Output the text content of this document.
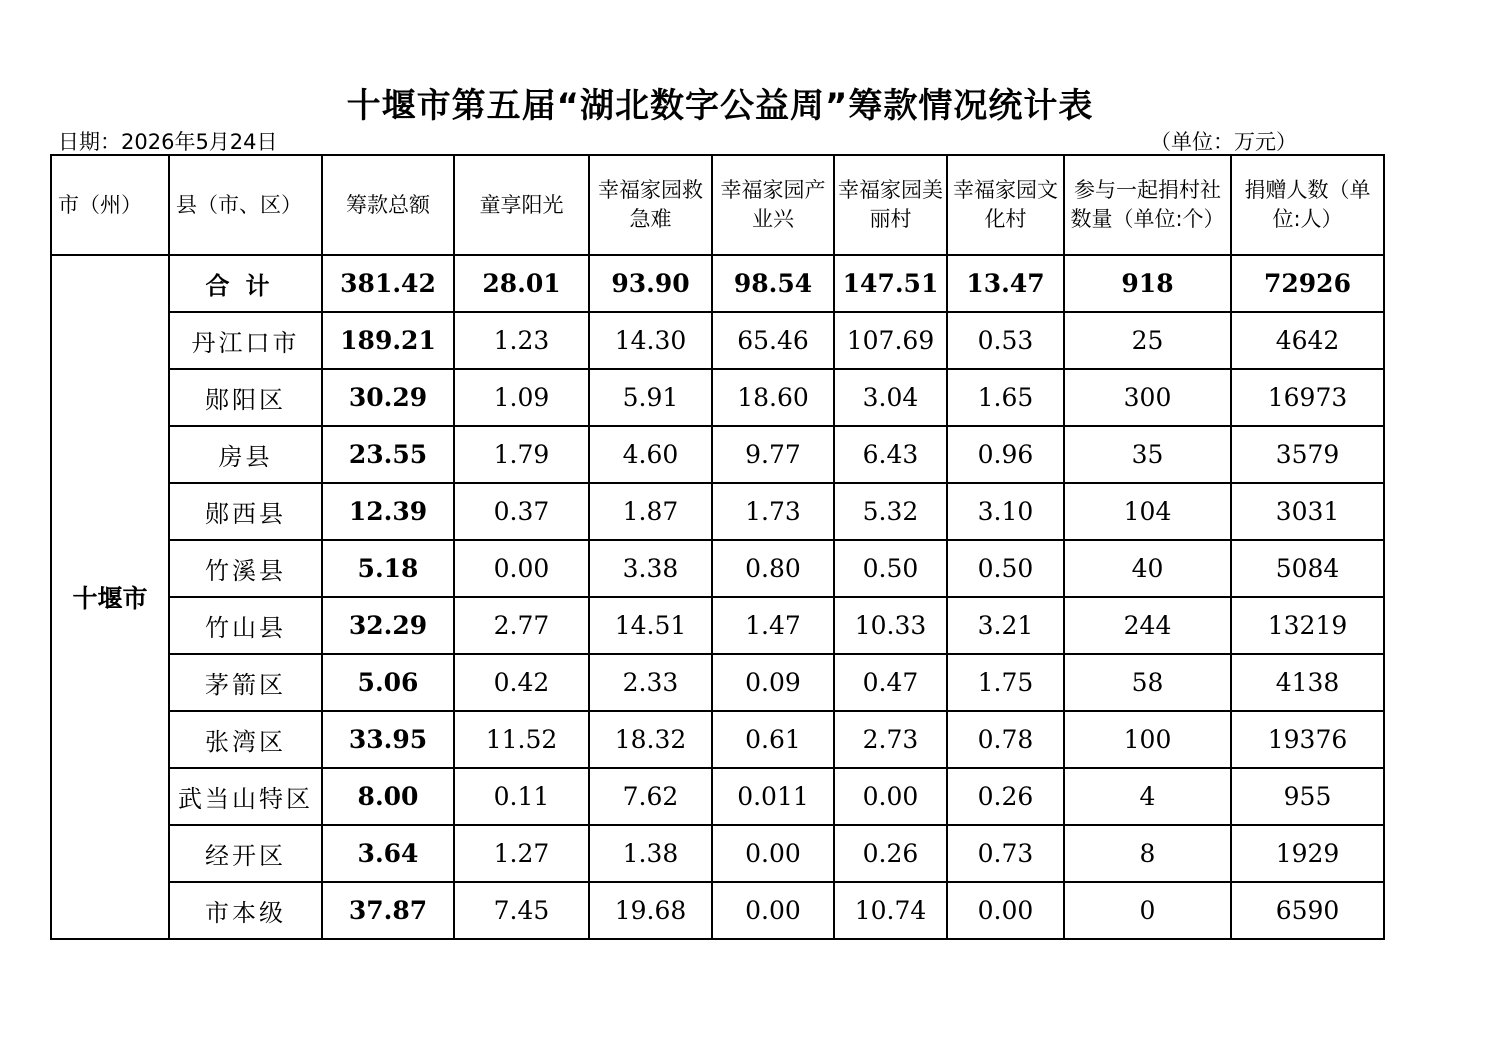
十堰市第五届“湖北数字公益周”筹款情况统计表
日期：2026年5月24日	（单位：万元）
市（州）	县（市、区）	筹款总额	童享阳光	幸福家园救急难	幸福家园产业兴	幸福家园美丽村	幸福家园文化村	参与一起捐村社数量（单位:个）	捐赠人数（单位:人）
十堰市	合计	381.42	28.01	93.90	98.54	147.51	13.47	918	72926
	丹江口市	189.21	1.23	14.30	65.46	107.69	0.53	25	4642
	郧阳区	30.29	1.09	5.91	18.60	3.04	1.65	300	16973
	房县	23.55	1.79	4.60	9.77	6.43	0.96	35	3579
	郧西县	12.39	0.37	1.87	1.73	5.32	3.10	104	3031
	竹溪县	5.18	0.00	3.38	0.80	0.50	0.50	40	5084
	竹山县	32.29	2.77	14.51	1.47	10.33	3.21	244	13219
	茅箭区	5.06	0.42	2.33	0.09	0.47	1.75	58	4138
	张湾区	33.95	11.52	18.32	0.61	2.73	0.78	100	19376
	武当山特区	8.00	0.11	7.62	0.011	0.00	0.26	4	955
	经开区	3.64	1.27	1.38	0.00	0.26	0.73	8	1929
	市本级	37.87	7.45	19.68	0.00	10.74	0.00	0	6590
